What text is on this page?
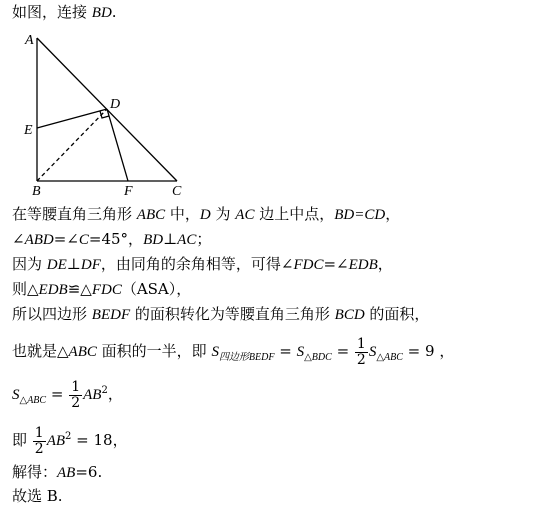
如图，连接 BD.
A
D
E
B	F	C
在等腰直角三角形 ABC 中，D 为 AC 边上中点，BD=CD，
∠ABD=∠C=45°，BD⊥AC；
因为 DE⊥DF，由同角的余角相等，可得∠FDC=∠EDB，
则△EDB≌△FDC（ASA），
所以四边形 BEDF 的面积转化为等腰直角三角形 BCD 的面积，
也就是△ABC 面积的一半，即 $S_{四边形BEDF} = S_{\triangle BDC} = \frac{1}{2} S_{\triangle ABC} = 9$ ，
$S_{\triangle ABC} = \frac{1}{2} AB^2$，
即 $\frac{1}{2} AB^2 = 18$，
解得：AB=6.
故选 B.
